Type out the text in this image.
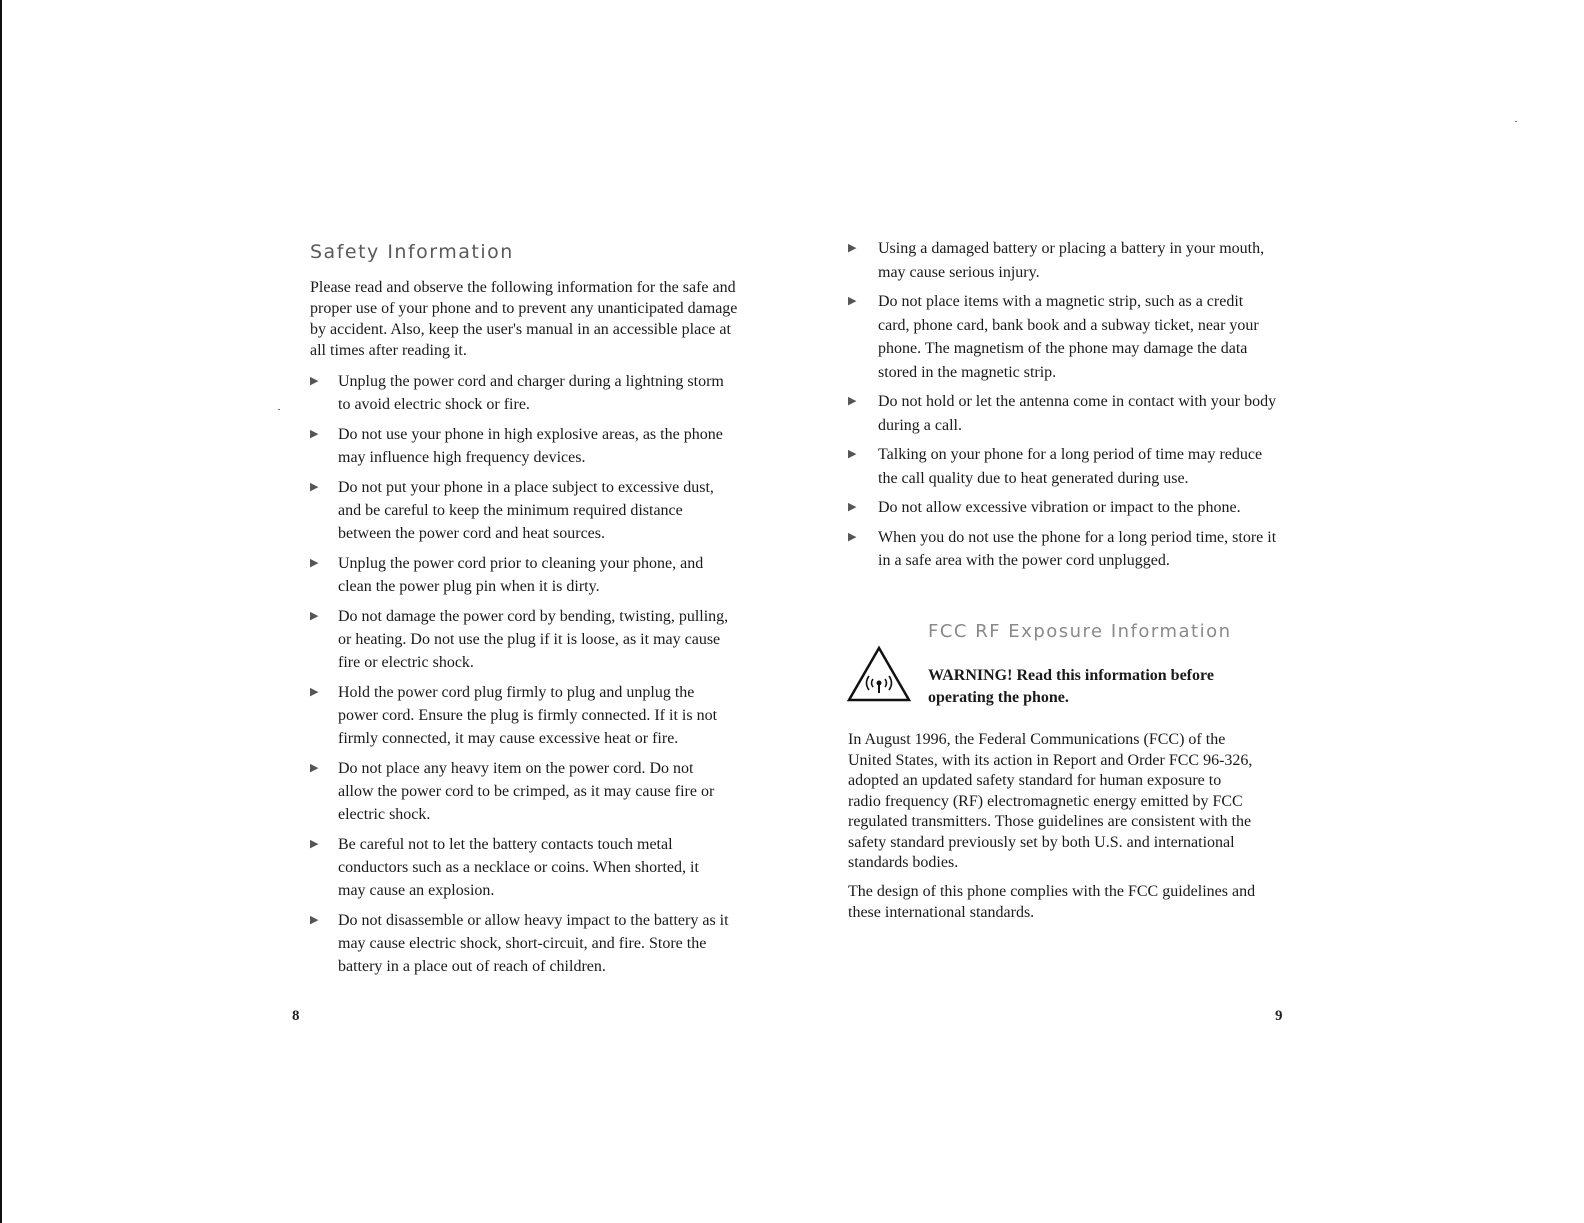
Safety Information

Please read and observe the following information for the safe and proper use of your phone and to prevent any unanticipated damage by accident. Also, keep the user's manual in an accessible place at all times after reading it.

▶ Unplug the power cord and charger during a lightning storm to avoid electric shock or fire.
▶ Do not use your phone in high explosive areas, as the phone may influence high frequency devices.
▶ Do not put your phone in a place subject to excessive dust, and be careful to keep the minimum required distance between the power cord and heat sources.
▶ Unplug the power cord prior to cleaning your phone, and clean the power plug pin when it is dirty.
▶ Do not damage the power cord by bending, twisting, pulling, or heating. Do not use the plug if it is loose, as it may cause fire or electric shock.
▶ Hold the power cord plug firmly to plug and unplug the power cord. Ensure the plug is firmly connected. If it is not firmly connected, it may cause excessive heat or fire.
▶ Do not place any heavy item on the power cord. Do not allow the power cord to be crimped, as it may cause fire or electric shock.
▶ Be careful not to let the battery contacts touch metal conductors such as a necklace or coins. When shorted, it may cause an explosion.
▶ Do not disassemble or allow heavy impact to the battery as it may cause electric shock, short-circuit, and fire. Store the battery in a place out of reach of children.
8
▶ Using a damaged battery or placing a battery in your mouth, may cause serious injury.
▶ Do not place items with a magnetic strip, such as a credit card, phone card, bank book and a subway ticket, near your phone. The magnetism of the phone may damage the data stored in the magnetic strip.
▶ Do not hold or let the antenna come in contact with your body during a call.
▶ Talking on your phone for a long period of time may reduce the call quality due to heat generated during use.
▶ Do not allow excessive vibration or impact to the phone.
▶ When you do not use the phone for a long period time, store it in a safe area with the power cord unplugged.
FCC RF Exposure Information

WARNING! Read this information before operating the phone.

In August 1996, the Federal Communications (FCC) of the United States, with its action in Report and Order FCC 96-326, adopted an updated safety standard for human exposure to radio frequency (RF) electromagnetic energy emitted by FCC regulated transmitters. Those guidelines are consistent with the safety standard previously set by both U.S. and international standards bodies.

The design of this phone complies with the FCC guidelines and these international standards.

9
